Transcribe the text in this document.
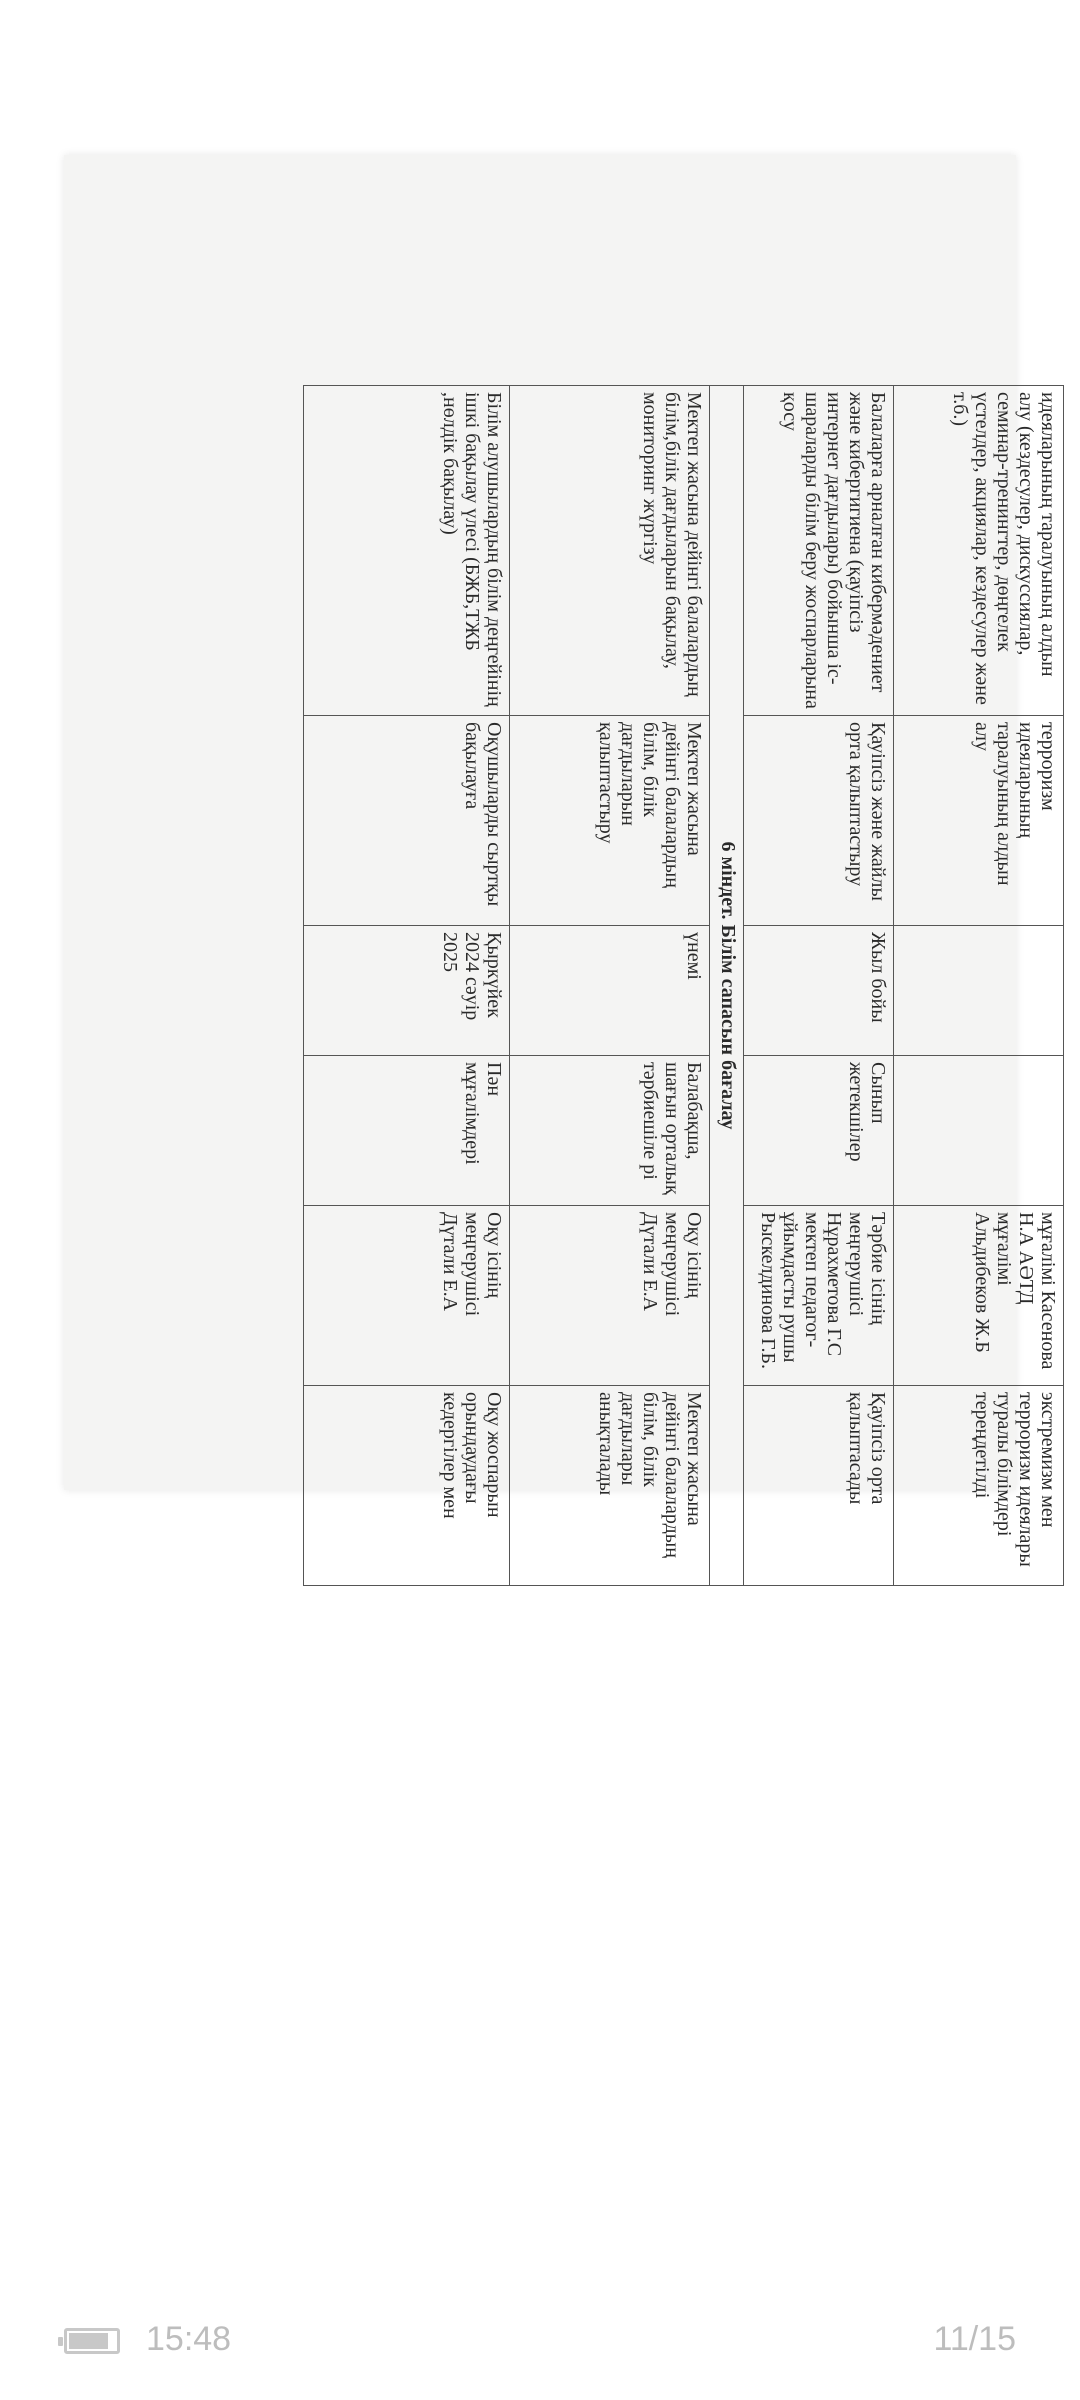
идеяларының таралуының алдын алу (кездесулер, дискуссиялар, семинар-тренингтер, дөңгелек үстелдер, акциялар, кездесулер және т.б.)	терроризм идеяларының таралуының алдын алу			мұғалімі Касенова Н.А АӘТД мұғалімі Альдибеков Ж.Б	экстремизм мен терроризм идеялары туралы білімдері тереңдетілді
Балаларға арналған кибермәдениет және кибергигиена (қауіпсіз интернет дағдылары) бойынша іс-шараларды білім беру жоспарларына қосу	Қауіпсіз және жайлы орта қалыптастыру	Жыл бойы	Сынып жетекшілер	Тәрбие ісінің меңгерушісі Нұрахметова Г.С мектеп педагог-ұйымдасты рушы Рыскелдинова Г.Б.	Қауіпсіз орта қалыптасады
6 міндет. Білім сапасын бағалау					
Мектеп жасына дейінгі балалардың білім,білік дағдыларын бақылау, мониторинг жүргізу	Мектеп жасына дейінгі балалардың білім, білік дағдыларын қалыптастыру	үнемі	Балабақша, шағын орталық тәрбиешіле рі	Оқу ісінің меңгерушісі Дүтали Е.А	Мектеп жасына дейінгі балалардың білім, білік дағдылары анықталады
Білім алушылардың білім деңгейінің ішкі бақылау үлесі (БЖБ,ТЖБ ,нөлдік бақылау)	Оқушыларды сыртқы бақылауға	Қыркүйек 2024 сәуір 2025	Пән мұғалімдері	Оқу ісінің меңгерушісі Дүтали Е.А	Оқу жоспарын орындаудағы кедергілер мен
15:48	11/15
